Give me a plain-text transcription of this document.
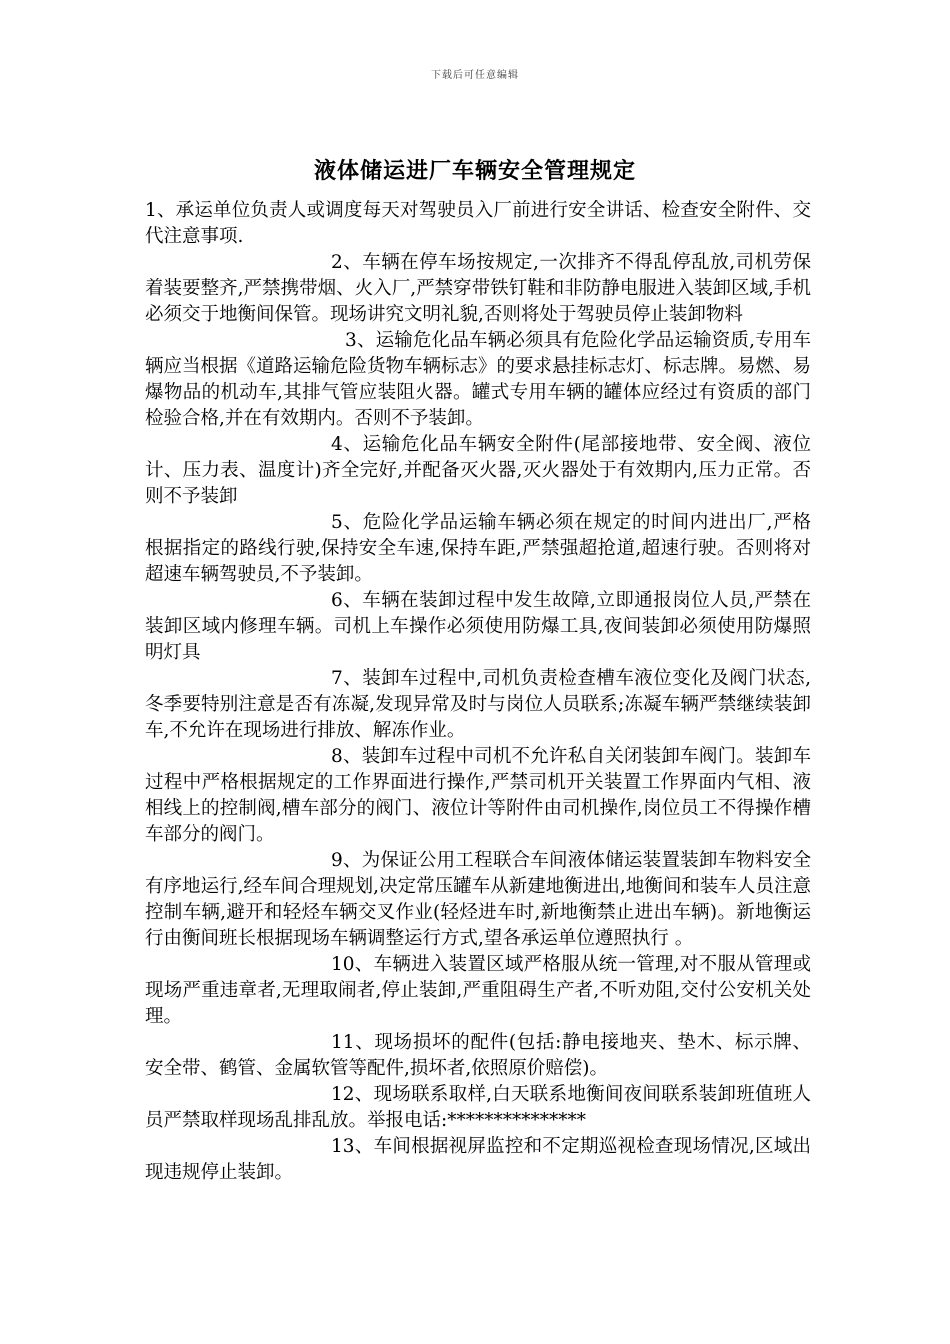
下载后可任意编辑
液体储运进厂车辆安全管理规定

1、承运单位负责人或调度每天对驾驶员入厂前进行安全讲话、检查安全附件、交代注意事项.

2、车辆在停车场按规定,一次排齐不得乱停乱放,司机劳保着装要整齐,严禁携带烟、火入厂,严禁穿带铁钉鞋和非防静电服进入装卸区域,手机必须交于地衡间保管。现场讲究文明礼貌,否则将处于驾驶员停止装卸物料

3、运输危化品车辆必须具有危险化学品运输资质,专用车辆应当根据《道路运输危险货物车辆标志》的要求悬挂标志灯、标志牌。易燃、易爆物品的机动车,其排气管应装阻火器。罐式专用车辆的罐体应经过有资质的部门检验合格,并在有效期内。否则不予装卸。

4、运输危化品车辆安全附件(尾部接地带、安全阀、液位计、压力表、温度计)齐全完好,并配备灭火器,灭火器处于有效期内,压力正常。否则不予装卸

5、危险化学品运输车辆必须在规定的时间内进出厂,严格根据指定的路线行驶,保持安全车速,保持车距,严禁强超抢道,超速行驶。否则将对超速车辆驾驶员,不予装卸。

6、车辆在装卸过程中发生故障,立即通报岗位人员,严禁在装卸区域内修理车辆。司机上车操作必须使用防爆工具,夜间装卸必须使用防爆照明灯具

7、装卸车过程中,司机负责检查槽车液位变化及阀门状态,冬季要特别注意是否有冻凝,发现异常及时与岗位人员联系;冻凝车辆严禁继续装卸车,不允许在现场进行排放、解冻作业。

8、装卸车过程中司机不允许私自关闭装卸车阀门。装卸车过程中严格根据规定的工作界面进行操作,严禁司机开关装置工作界面内气相、液相线上的控制阀,槽车部分的阀门、液位计等附件由司机操作,岗位员工不得操作槽车部分的阀门。

9、为保证公用工程联合车间液体储运装置装卸车物料安全有序地运行,经车间合理规划,决定常压罐车从新建地衡进出,地衡间和装车人员注意控制车辆,避开和轻烃车辆交叉作业(轻烃进车时,新地衡禁止进出车辆)。新地衡运行由衡间班长根据现场车辆调整运行方式,望各承运单位遵照执行 。

10、车辆进入装置区域严格服从统一管理,对不服从管理或现场严重违章者,无理取闹者,停止装卸,严重阻碍生产者,不听劝阻,交付公安机关处理。

11、现场损坏的配件(包括:静电接地夹、垫木、标示牌、安全带、鹤管、金属软管等配件,损坏者,依照原价赔偿)。

12、现场联系取样,白天联系地衡间夜间联系装卸班值班人员严禁取样现场乱排乱放。举报电话:***************

13、车间根据视屏监控和不定期巡视检查现场情况,区域出现违规停止装卸。
